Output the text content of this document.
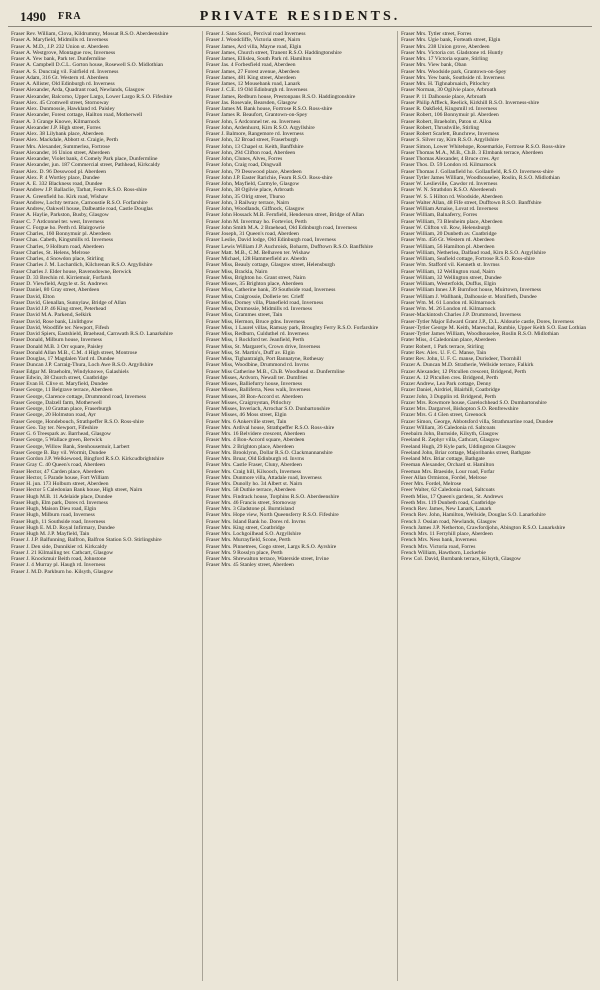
1490 FRA	PRIVATE RESIDENTS.

Fraser Rev. William, Clova, Kildrummy, Mossat R.S.O. Aberdeenshire

Fraser A. Maryfield, Midmills rd. Inverness

Fraser A. M.D., J.P. 232 Union st. Aberdeen

Fraser A. Westgrove, Montague row, Inverness

Fraser A. Yew bank, Park ter. Dunfermline

Fraser A. Campbell D.C.L. Gorton house, Rosewell S.O. Midlothian

Fraser A. S. Duncraig vil. Fairfield rd. Inverness

Fraser Adam, 316 Gt. Western rd. Aberdeen

Fraser A. Allister, Old Edinburgh rd. Inverness

Fraser Alexander, Arda, Quadrant road, Newlands, Glasgow

Fraser Alexander, Balcorno, Upper Largo, Lower Largo R.S.O. Fifeshire

Fraser Alex. 45 Cromwell street, Stornoway

Fraser Alex. Dunmossie, Hawkland rd. Paisley

Fraser Alexander, Forest cottage, Hailton road, Motherwell

Fraser A. 3 Grange Knowe, Kilmarnock

Fraser Alexander J.P. High street, Forres

Fraser Alex. 38 Lilybank place, Aberdeen

Fraser Alex. Mackdale, Abbott st. Craigie, Perth

Fraser Mrs. Alexander, Summerlea, Fortrose

Fraser Alexander, 16 Union street, Aberdeen

Fraser Alexander, Violet bank, 4 Comely Park place, Dunfermline

Fraser Alexander, jun. 187 Commercial street, Pathhead, Kirkcaldy

Fraser Alex. D. 96 Desswood pl. Aberdeen

Fraser Alex. P. 4 Wortley place, Dundee

Fraser A. E. 332 Blackness road, Dundee

Fraser Andrew J.P. Ballaclie, Tarbat, Fearn R.S.O. Ross-shire

Fraser A. Greenfield ho. Kirk road, Wishaw

Fraser Andrew, Lochty terrace, Carnoustie R.S.O. Forfarshire

Fraser Andrew, Oakwell house, Dalbeattie road, Castle Douglas

Fraser A. Haylie, Parkston, Busby, Glasgow

Fraser C. 7 Ardconnel ter. west, Inverness

Fraser C. Forgue ho. Perth rd. Blairgowrie

Fraser Charles, 160 Bonnymuir pl. Aberdeen

Fraser Chas. Cabeth, Kingsmills rd. Inverness

Fraser Charles, 9 Holburn road, Aberdeen

Fraser Charles, St. Helens, Melrose

Fraser Charles, 4 Snowdon place, Stirling

Fraser Charles J. M. Lochardich, Kilchrenan R.S.O. Argyllshire

Fraser Charles J. Elder house, Ravensdowne, Berwick

Fraser D. 33 Brechin rd. Kirriemuir, Forfarsh

Fraser D. Viewfield, Argyle st. St. Andrews

Fraser Daniel, 80 Gray street, Aberdeen

Fraser David, Elton

Fraser David, Glenallan, Sunnylaw, Bridge of Allan

Fraser David J.P. 46 King street, Peterhead

Fraser David M.A. Parkend, Selkirk

Fraser David, Rose bank, Linlithgow

Fraser David, Woodfife ter. Newport, Fifesh

Fraser David Spiers, Eastshield, Braehead, Carnwath R.S.O. Lanarkshire

Fraser Donald, Milburn house, Inverness

Fraser Donald M.B. 3 Orr square, Paisley

Fraser Donald Allan M.B., C.M. 4 High street, Montrose

Fraser Douglas, 17 Magdalen Yard rd. Dundee

Fraser Duncan J.P. Carraig-Thura, Loch Awe R.S.O. Argyllshire

Fraser Edgar M. Braeholm, Windyknowe, Galashiels

Fraser Edwin, 38 Church street, Coatbridge

Fraser Evan H. Clive st. Maryfield, Dundee

Fraser George, 11 Belgrave terrace, Aberdeen

Fraser George, Clarence cottage, Drummond road, Inverness

Fraser George, Dalzell farm, Motherwell

Fraser George, 10 Grattan place, Fraserburgh

Fraser George, 20 Holmston road, Ayr

Fraser George, Hondebouch, Strathpeffer R.S.O. Ross-shire

Fraser Geo. Tay ter. Newport, Fifeshire

Fraser G. 6 Treespark av. Barrhead, Glasgow

Fraser George, 5 Wallace green, Berwick

Fraser George, Willow Bank, Stenhousemuir, Larbert

Fraser George B. Bay vil. Wormit, Dundee

Fraser Gordon J.P. Welkiewood, Bingford R.S.O. Kirkcudbrightshire

Fraser Gray C. 40 Queen's road, Aberdeen

Fraser Hector, 47 Carden place, Aberdeen

Fraser Hector, 5 Parade house, Fort William

Fraser H. jun. 173 Holburn street, Aberdeen

Fraser Hector 5 Caledonian Bank house, High street, Nairn

Fraser Hugh M.B. 11 Adelaide place, Dundee

Fraser Hugh, Elm park, Dores rd. Inverness

Fraser Hugh, Maison Dieu road, Elgin

Fraser Hugh, Milburn road, Inverness

Fraser Hugh, 11 Southside road, Inverness

Fraser Hugh E. M.D. Royal Infirmary, Dundee

Fraser Hugh M. J.P. Mayfield, Tain

Fraser J. J.P. Balfunning, Balfron, Balfron Station S.O. Stirlingshire

Fraser J. Den side, Dunnikier rd. Kirkcaldy

Fraser J. 21 Kilmailing ter. Cathcart, Glasgow

Fraser J. Knockmuir Beith road, Johnstone

Fraser J. 4 Murray pl. Haugh rd. Inverness

Fraser J. M.D. Parkburn ho. Kilsyth, Glasgow

Fraser J. Sans Souci, Percival road Inverness

Fraser J. Woodcliffe, Victoria street, Nairn

Fraser James, Ard villa, Mayne road, Elgin

Fraser James, Church street, Tranent R.S.O. Haddingtonshire

Fraser James, Ellislea, South Park rd. Hamilton

Fraser Jas. 4 Forbesfield road, Aberdeen

Fraser James, 27 Forest avenue, Aberdeen

Fraser James, 481 King street, Aberdeen

Fraser James, 12 Mousebank road, Lanark

Fraser J. C.E. 19 Old Edinburgh rd. Inverness

Fraser James, Redburn house, Prestonpans R.S.O. Haddingtonshire

Fraser Jas. Rosevale, Bearsden, Glasgow

Fraser James M. Bank house, Fortrose R.S.O. Ross-shire

Fraser James R. Beaufort, Grantown-on-Spey

Fraser John, 5 Ardconnel ter. ea. Inverness

Fraser John, Ardenhurst, Kirn R.S.O. Argyllshire

Fraser J. Balmore, Rangemore rd. Inverness

Fraser John, 32 Broad street, Fraserburgh

Fraser John, 13 Chapel st. Keith, Banffshire

Fraser John, 294 Clifton road, Aberdeen

Fraser John, Clunes, Alves, Forres

Fraser John, Craig road, Dingwall

Fraser John, 79 Desswood place, Aberdeen

Fraser John J.P. Easter Rarichie, Fearn R.S.O. Ross-shire

Fraser John, Mayfield, Carmyle, Glasgow

Fraser John, 38 Ogilvie place, Arbroath

Fraser John, 35 Olrig street, Thurso

Fraser John, 3 Railway terrace, Nairn

Fraser John, Woodlands, Giffnock, Glasgow

Fraser John Hossack M.B. Fernfield, Henderson street, Bridge of Allan

Fraser John M. Invermay ho. Forteviot, Perth

Fraser John Smith M.A. 2 Braehead, Old Edinburgh road, Inverness

Fraser Joseph, 31 Queen's road, Aberdeen

Fraser Leslie, David lodge, Old Edinburgh road, Inverness

Fraser Lewis William J.P. Auchroisk, Boharm, Dufftown R.S.O. Banffshire

Fraser Matt. M.B., C.M. Belhaven ter. Wishaw

Fraser Michael, 128 Hammerfield av. Aberdn

Fraser Miss, Beauly cottage, Glasgow street, Helensburgh

Fraser Miss, Brackla, Nairn

Fraser Miss, Brighton ho. Grant street, Nairn

Fraser Misses, 35 Brighton place, Aberdeen

Fraser Miss, Catherine bank, 39 Southside road, Inverness

Fraser Miss, Craigrossie, Dollerie ter. Crieff

Fraser Miss, Dorney villa, Planefield road, Inverness

Fraser Miss, Drumossie, Midmills rd. Inverness

Fraser Miss, Grammes street, Tain

Fraser Miss, Hermon, Bruce gdns. Inverness

Fraser Miss, 1 Laurel villas, Ramsay park, Broughty Ferry R.S.O. Forfarshire

Fraser Miss, Redburn, Culduthel rd. Inverness

Fraser Miss, 1 Rockford ter. Jeanfield, Perth

Fraser Miss, St. Margaret's, Crown drive, Inverness

Fraser Miss, St. Martin's, Duff av. Elgin

Fraser Miss, Tighantraigh, Port Bannatyne, Rothesay

Fraser Miss, Woodbine, Drummond rd. Invrns

Fraser Miss Catherine M.B., Ch.B. Woodhead st. Dunfermline

Fraser Misses, Ardvorn, Newall ter. Dumfries

Fraser Misses, Balliefurry house, Inverness

Fraser Misses, Balliferra, Ness walk, Inverness

Fraser Misses, 38 Bon-Accord st. Aberdeen

Fraser Misses, Craigroystan, Pitlochry

Fraser Misses, Inveriach, Arrochar S.O. Dunbartonshire

Fraser Misses, 46 Moss street, Elgin

Fraser Mrs. 6 Ankerville street, Tain

Fraser Mrs. Ardival house, Strathpeffer R.S.O. Ross-shire

Fraser Mrs. 16 Belvidere crescent, Aberdeen

Fraser Mrs. 4 Bon-Accord square, Aberdeen

Fraser Mrs. 2 Brighton place, Aberdeen

Fraser Mrs. Brooklynn, Dollar R.S.O. Clackmannanshire

Fraser Mrs. Bruar, Old Edinburgh rd. Invrns

Fraser Mrs. Castle Fraser, Cluny, Aberdeen

Fraser Mrs. Craig hill, Kilsooch, Inverness

Fraser Mrs. Dunmore villa, Attadale road, Inverness

Fraser Mrs. Dunolly ho. 34 Albert st. Nairn

Fraser Mrs. 58 Duthie terrace, Aberdeen

Fraser Mrs. Findrack house, Torphins R.S.O. Aberdeenshire

Fraser Mrs. 46 Francis street, Stornoway

Fraser Mrs. 3 Gladstone pl. Burntisland

Fraser Mrs. Hope view, North Queensferry R.S.O. Fifeshire

Fraser Mrs. Island Bank ho. Dores rd. Invrns

Fraser Mrs. King street, Coatbridge

Fraser Mrs. Lochgoilhead S.O. Argyllshire

Fraser Mrs. Murrayfield, Scone, Perth

Fraser Mrs. Pinnetrees, Gogo street, Largs R.S.O. Ayrshire

Fraser Mrs. 9 Rosslyn place, Perth

Fraser Mrs. Shrewalton terrace, Waterside street, Irvine

Fraser Mrs. 45 Stanley street, Aberdeen

Fraser Mrs. Tytler street, Forres

Fraser Mrs. Ugie bank, Forteath street, Elgin

Fraser Mrs. 238 Union grove, Aberdeen

Fraser Mrs. Victoria cot. Gladstone rd. Huntly

Fraser Mrs. 17 Victoria square, Stirling

Fraser Mrs. View bank, Oban

Fraser Mrs. Woodside park, Grantown-on-Spey

Fraser Mrs. Yew bank, Southside rd. Inverness

Fraser Mrs. H. Tighnabruaich, Pitlochry

Fraser Norman, 30 Ogilvie place, Arbroath

Fraser P. 11 Dalhousie place, Arbroath

Fraser Philip Affleck, Reelick, Kirkhill R.S.O. Inverness-shire

Fraser R. Oakfield, Kingsmill rd. Inverness

Fraser Robert, 106 Bonnymuir pl. Aberdeen

Fraser Robert, Braeholm, Paton st. Alloa

Fraser Robert, Thrushville, Stirling

Fraser Robert Scarlett, Bunchrew, Inverness

Fraser S. Silver ray, Kirn R.S.O. Argyllshire

Fraser Simon, Lower Whitehope, Rosemarkie, Fortrose R.S.O. Ross-shire

Fraser Thomas M.A., M.B., Ch.B. 3 Elmbank terrace, Aberdeen

Fraser Thomas Alexander, 4 Bruce cres. Ayr

Fraser Thos. D. 59 London rd. Kilmarnock

Fraser Thomas J. Gollanfield ho. Gollanfield, R.S.O. Inverness-shire

Fraser Tytler James William, Woodhouselee, Roslin, R.S.O. Midlothian

Fraser W. Leslieville, Cawdor rd. Inverness

Fraser W. N. Strathdon R.S.O. Aberdeensh

Fraser W. S. 5 Hilton rd. Woodside, Aberdeen

Fraser Walter Allan, 48 Fife street, Dufftown R.S.O. Banffshire

Fraser William Arnaise, Lovat rd. Inverness

Fraser William, Balnaferry, Forres

Fraser William, 73 Blenheim place, Aberdeen

Fraser W. Clifton vil. Row, Helensburgh

Fraser William, 20 Dunbeth av. Coatbridge

Fraser Wm. 456 Gt. Western rd. Aberdeen

Fraser William, 56 Hamilton pl. Aberdeen

Fraser William, Netherlea, Dalfaud road, Kirn R.S.O. Argyllshire

Fraser William, Seafield cottage, Fortrose R.S.O. Ross-shire

Fraser Wm. Stafford vil. Kenneth st. Invrnss

Fraser William, 12 Wellington road, Nairn

Fraser William, 32 Wellington street, Dundee

Fraser William, Westerfolds, Duffus, Elgin

Fraser William Innes J.P. Burnfoot house, Muirtown, Inverness

Fraser William J. Wallbank, Dalhousie st. Monifieth, Dundee

Fraser Wm. M. 61 London rd. Kilmarnock

Fraser Wm. M. 26 London rd. Kilmarnock

Fraser-Mackintosh Charles J.P. Drummond, Inverness

Fraser-Tytler Major Edward Grant J.P., D.L. Aldourie castle, Dores, Inverness

Fraser-Tytler George M. Keith, Mareschal, Rumbie, Upper Keith S.O. East Lothian

Fraser-Tytler James William, Woodhouselee, Roslin R.S.O. Midlothian

Frater Miss, 4 Caledonian place, Aberdeen

Frater Robert, 1 Park terrace, Stirling

Frater Rev. Alex. U. F. C. Manse, Tain

Frater Rev. John, U. F. C. manse, Durisdeer, Thornhill

Frazer A. Duncan M.D. Stratherie, Wellside terrace, Falkirk

Frazer Alexander, 12 Pitcullen crescent, Bridgend, Perth

Frazer A. 12 Pitcullen cres. Bridgend, Perth

Frazer Andrew, Lea Park cottage, Denny

Frazer Daniel, Airdriel, Blairhill, Coatbridge

Frazer John, 3 Dupplin rd. Bridgend, Perth

Frazer Mrs. Rowmore house, Garelochhead S.O. Dumbartonshire

Frazer Mrs. Dargarvel, Bishopton S.O. Renfrewshire

Frazer Mrs. G 4 Glen street, Greenock

Frazer Simon, George, Abbotsford villa, Strathmartine road, Dundee

Frazer William, 36 Caledonia rd. Saltcoats

Freebairn John, Burnside, Kilsyth, Glasgow

Freeland R. Zephyr villa, Cathcart, Glasgow

Freeland Hugh, 29 Kyle park, Uddingston Glasgow

Freeland John, Briar cottage, Majoribanks street, Bathgate

Freeland Mrs. Briar cottage, Bathgate

Freeman Alexander, Orchard st. Hamilton

Freeman Mrs. Braeside, Lour road, Forfar

Freer Allan Ormiston, Fordel, Melrose

Freer Mrs. Fordel, Melrose

Freer Walter, 62 Caledonia road, Saltcoats

Freeth Miss, 17 Queen's gardens, St. Andrews

Freeth Mrs. 119 Dunbeth road, Coatbridge

French Rev. James, New Lanark, Lanark

French Rev. John, Hamilton, Wellside, Douglas S.O. Lanarkshire

French J. Ossian road, Newlands, Glasgow

French James J.P. Netherton, Crawfordjohn, Abington R.S.O. Lanarkshire

French Mrs. 11 Ferryhill place, Aberdeen

French Mrs. Ness bank, Inverness

French Mrs. Victoria road, Forres

French William, Hawthorn, Lockerbie

Frew Col. David, Burnbank terrace, Kilsyth, Glasgow
